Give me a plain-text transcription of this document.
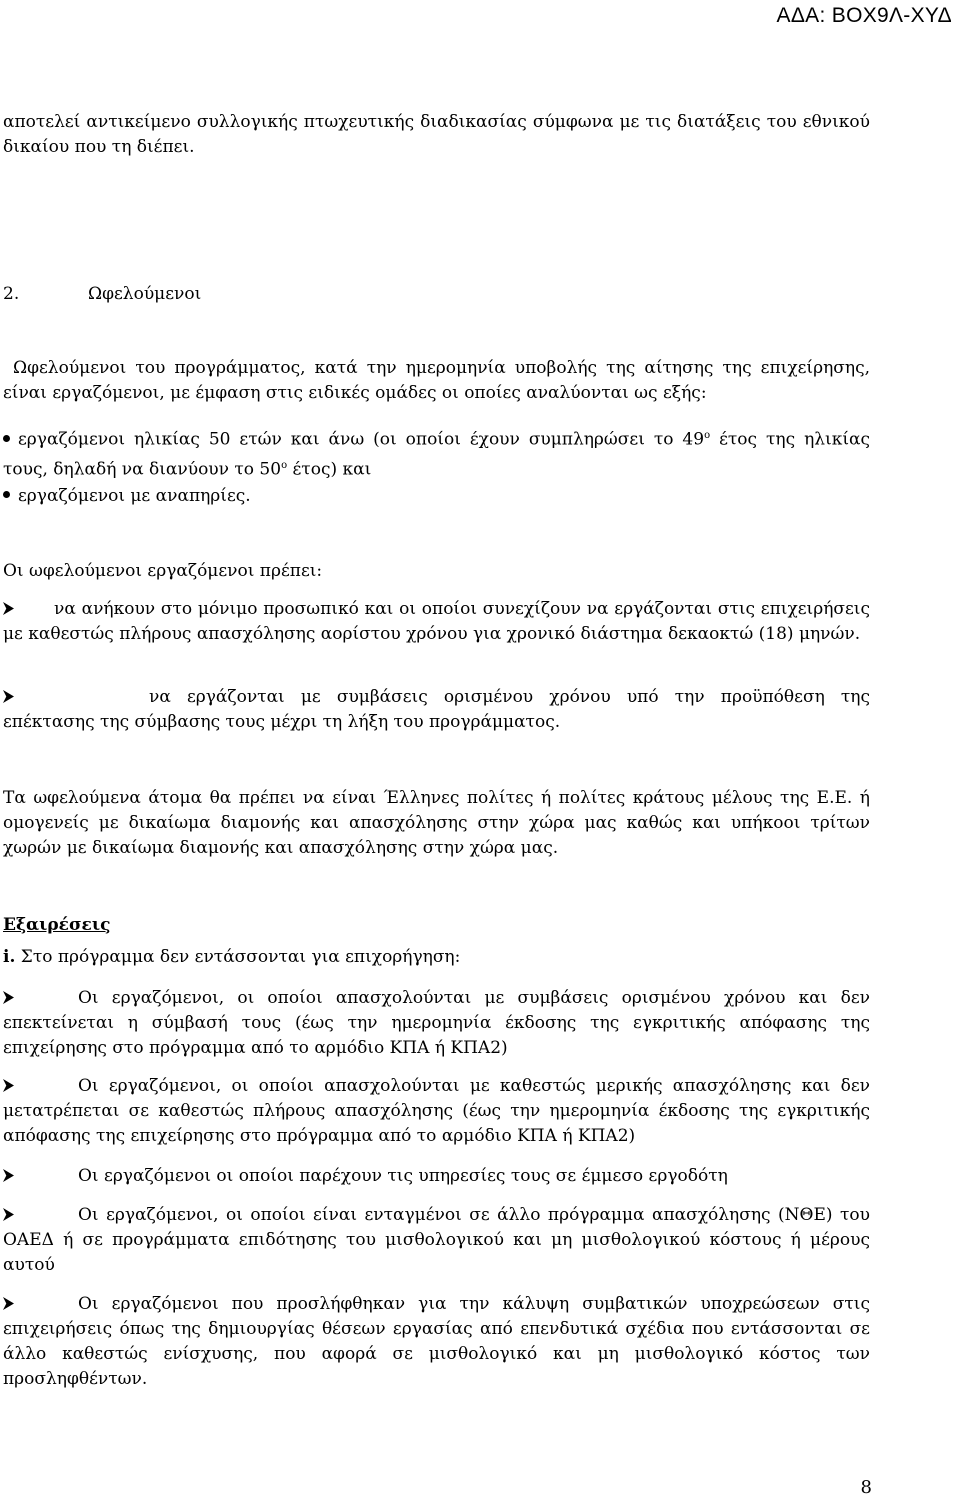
ΑΔΑ: ΒΟΧ9Λ-ΧΥΔ

αποτελεί αντικείμενο συλλογικής πτωχευτικής διαδικασίας σύμφωνα με τις διατάξεις του εθνικού δικαίου που τη διέπει.

2.	Ωφελούμενοι

Ωφελούμενοι του προγράμματος, κατά την ημερομηνία υποβολής της αίτησης της επιχείρησης, είναι εργαζόμενοι, με έμφαση στις ειδικές ομάδες οι οποίες αναλύονται ως εξής:

εργαζόμενοι ηλικίας 50 ετών και άνω (οι οποίοι έχουν συμπληρώσει το $49^o$ έτος της ηλικίας τους, δηλαδή να διανύουν το $50^o$ έτος) και

εργαζόμενοι με αναπηρίες.

Οι ωφελούμενοι εργαζόμενοι πρέπει:

να ανήκουν στο μόνιμο προσωπικό και οι οποίοι συνεχίζουν να εργάζονται στις επιχειρήσεις με καθεστώς πλήρους απασχόλησης αορίστου χρόνου για χρονικό διάστημα δεκαοκτώ (18) μηνών.

να εργάζονται με συμβάσεις ορισμένου χρόνου υπό την προϋπόθεση της επέκτασης της σύμβασης τους μέχρι τη λήξη του προγράμματος.

Τα ωφελούμενα άτομα θα πρέπει να είναι Έλληνες πολίτες ή πολίτες κράτους μέλους της Ε.Ε. ή ομογενείς με δικαίωμα διαμονής και απασχόλησης στην χώρα μας καθώς και υπήκοοι τρίτων χωρών με δικαίωμα διαμονής και απασχόλησης στην χώρα μας.

Εξαιρέσεις

i. Στο πρόγραμμα δεν εντάσσονται για επιχορήγηση:

Οι εργαζόμενοι, οι οποίοι απασχολούνται με συμβάσεις ορισμένου χρόνου και δεν επεκτείνεται η σύμβασή τους (έως την ημερομηνία έκδοσης της εγκριτικής απόφασης της επιχείρησης στο πρόγραμμα από το αρμόδιο ΚΠΑ ή ΚΠΑ2)

Οι εργαζόμενοι, οι οποίοι απασχολούνται με καθεστώς μερικής απασχόλησης και δεν μετατρέπεται σε καθεστώς πλήρους απασχόλησης (έως την ημερομηνία έκδοσης της εγκριτικής απόφασης της επιχείρησης στο πρόγραμμα από το αρμόδιο ΚΠΑ ή ΚΠΑ2)

Οι εργαζόμενοι οι οποίοι παρέχουν τις υπηρεσίες τους σε έμμεσο εργοδότη

Οι εργαζόμενοι, οι οποίοι είναι ενταγμένοι σε άλλο πρόγραμμα απασχόλησης (ΝΘΕ) του ΟΑΕΔ ή σε προγράμματα επιδότησης του μισθολογικού και μη μισθολογικού κόστους ή μέρους αυτού

Οι εργαζόμενοι που προσλήφθηκαν για την κάλυψη συμβατικών υποχρεώσεων στις επιχειρήσεις όπως της δημιουργίας θέσεων εργασίας από επενδυτικά σχέδια που εντάσσονται σε άλλο καθεστώς ενίσχυσης, που αφορά σε μισθολογικό και μη μισθολογικό κόστος των προσληφθέντων.

8
